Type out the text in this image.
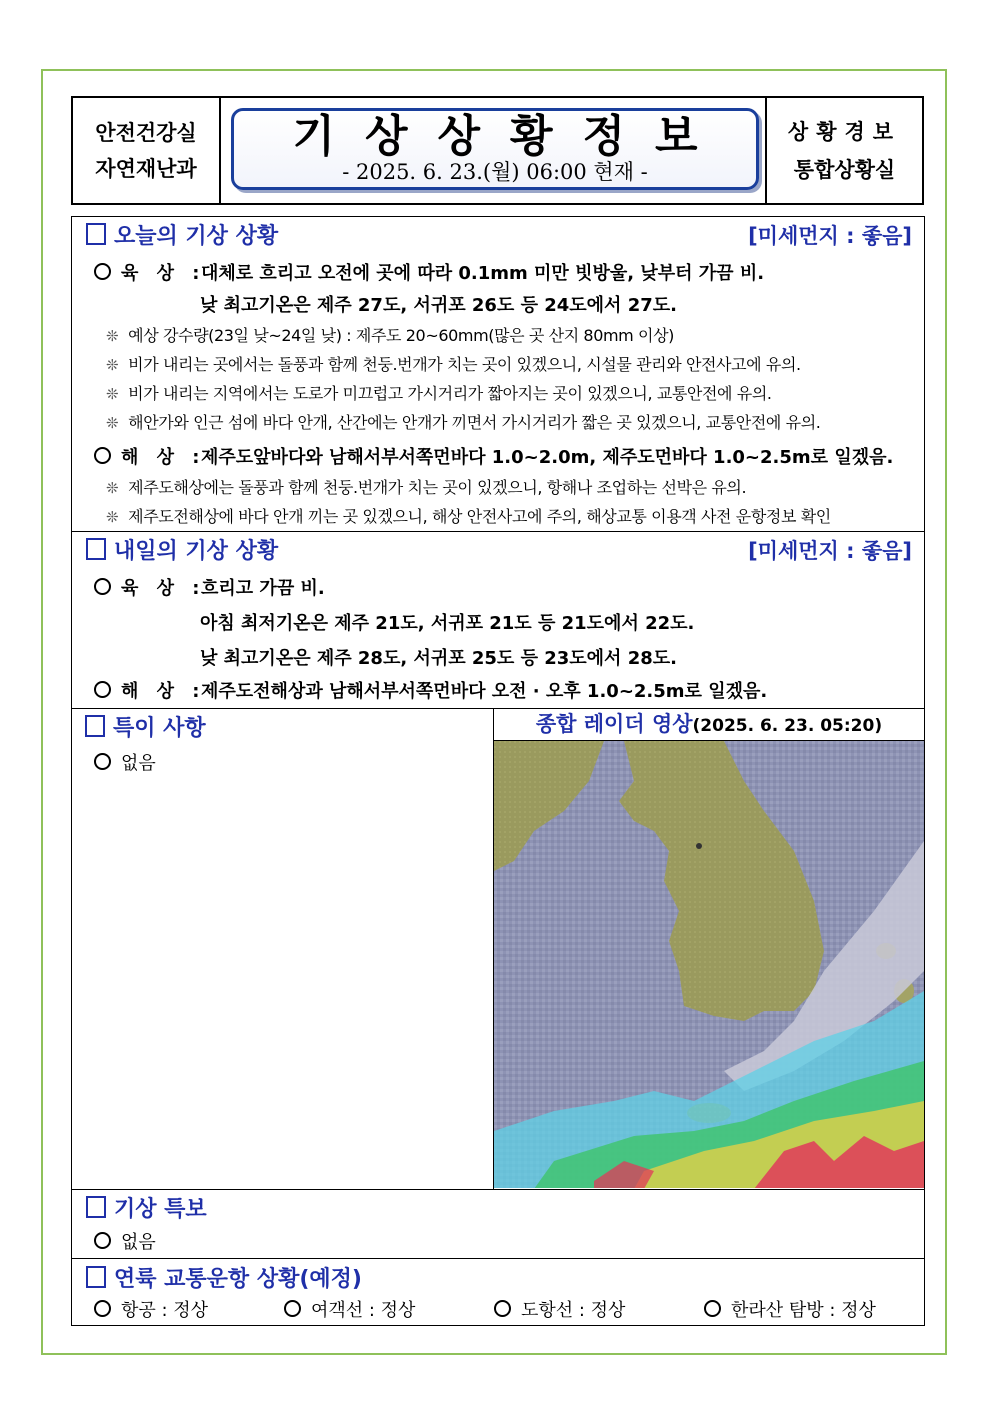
안전건강실
자연재난과
기상상황정보
- 2025. 6. 23.(월) 06:00 현재 -
상황경보
통합상황실
오늘의 기상 상황	[미세먼지 : 좋음]
육 상 :대체로 흐리고 오전에 곳에 따라 0.1mm 미만 빗방울, 낮부터 가끔 비.
낮 최고기온은 제주 27도, 서귀포 26도 등 24도에서 27도.
❊ 예상 강수량(23일 낮~24일 낮) : 제주도 20~60mm(많은 곳 산지 80mm 이상)
❊ 비가 내리는 곳에서는 돌풍과 함께 천둥.번개가 치는 곳이 있겠으니, 시설물 관리와 안전사고에 유의.
❊ 비가 내리는 지역에서는 도로가 미끄럽고 가시거리가 짧아지는 곳이 있겠으니, 교통안전에 유의.
❊ 해안가와 인근 섬에 바다 안개, 산간에는 안개가 끼면서 가시거리가 짧은 곳 있겠으니, 교통안전에 유의.
해 상 :제주도앞바다와 남해서부서쪽먼바다 1.0~2.0m, 제주도먼바다 1.0~2.5m로 일겠음.
❊ 제주도해상에는 돌풍과 함께 천둥.번개가 치는 곳이 있겠으니, 항해나 조업하는 선박은 유의.
❊ 제주도전해상에 바다 안개 끼는 곳 있겠으니, 해상 안전사고에 주의, 해상교통 이용객 사전 운항정보 확인
내일의 기상 상황	[미세먼지 : 좋음]
육 상 :흐리고 가끔 비.
아침 최저기온은 제주 21도, 서귀포 21도 등 21도에서 22도.
낮 최고기온은 제주 28도, 서귀포 25도 등 23도에서 28도.
해 상 :제주도전해상과 남해서부서쪽먼바다 오전 · 오후 1.0~2.5m로 일겠음.
특이 사항
없음
종합 레이더 영상(2025. 6. 23. 05:20)
기상 특보
없음
연륙 교통운항 상황(예정)
항공 : 정상	여객선 : 정상	도항선 : 정상	한라산 탐방 : 정상
